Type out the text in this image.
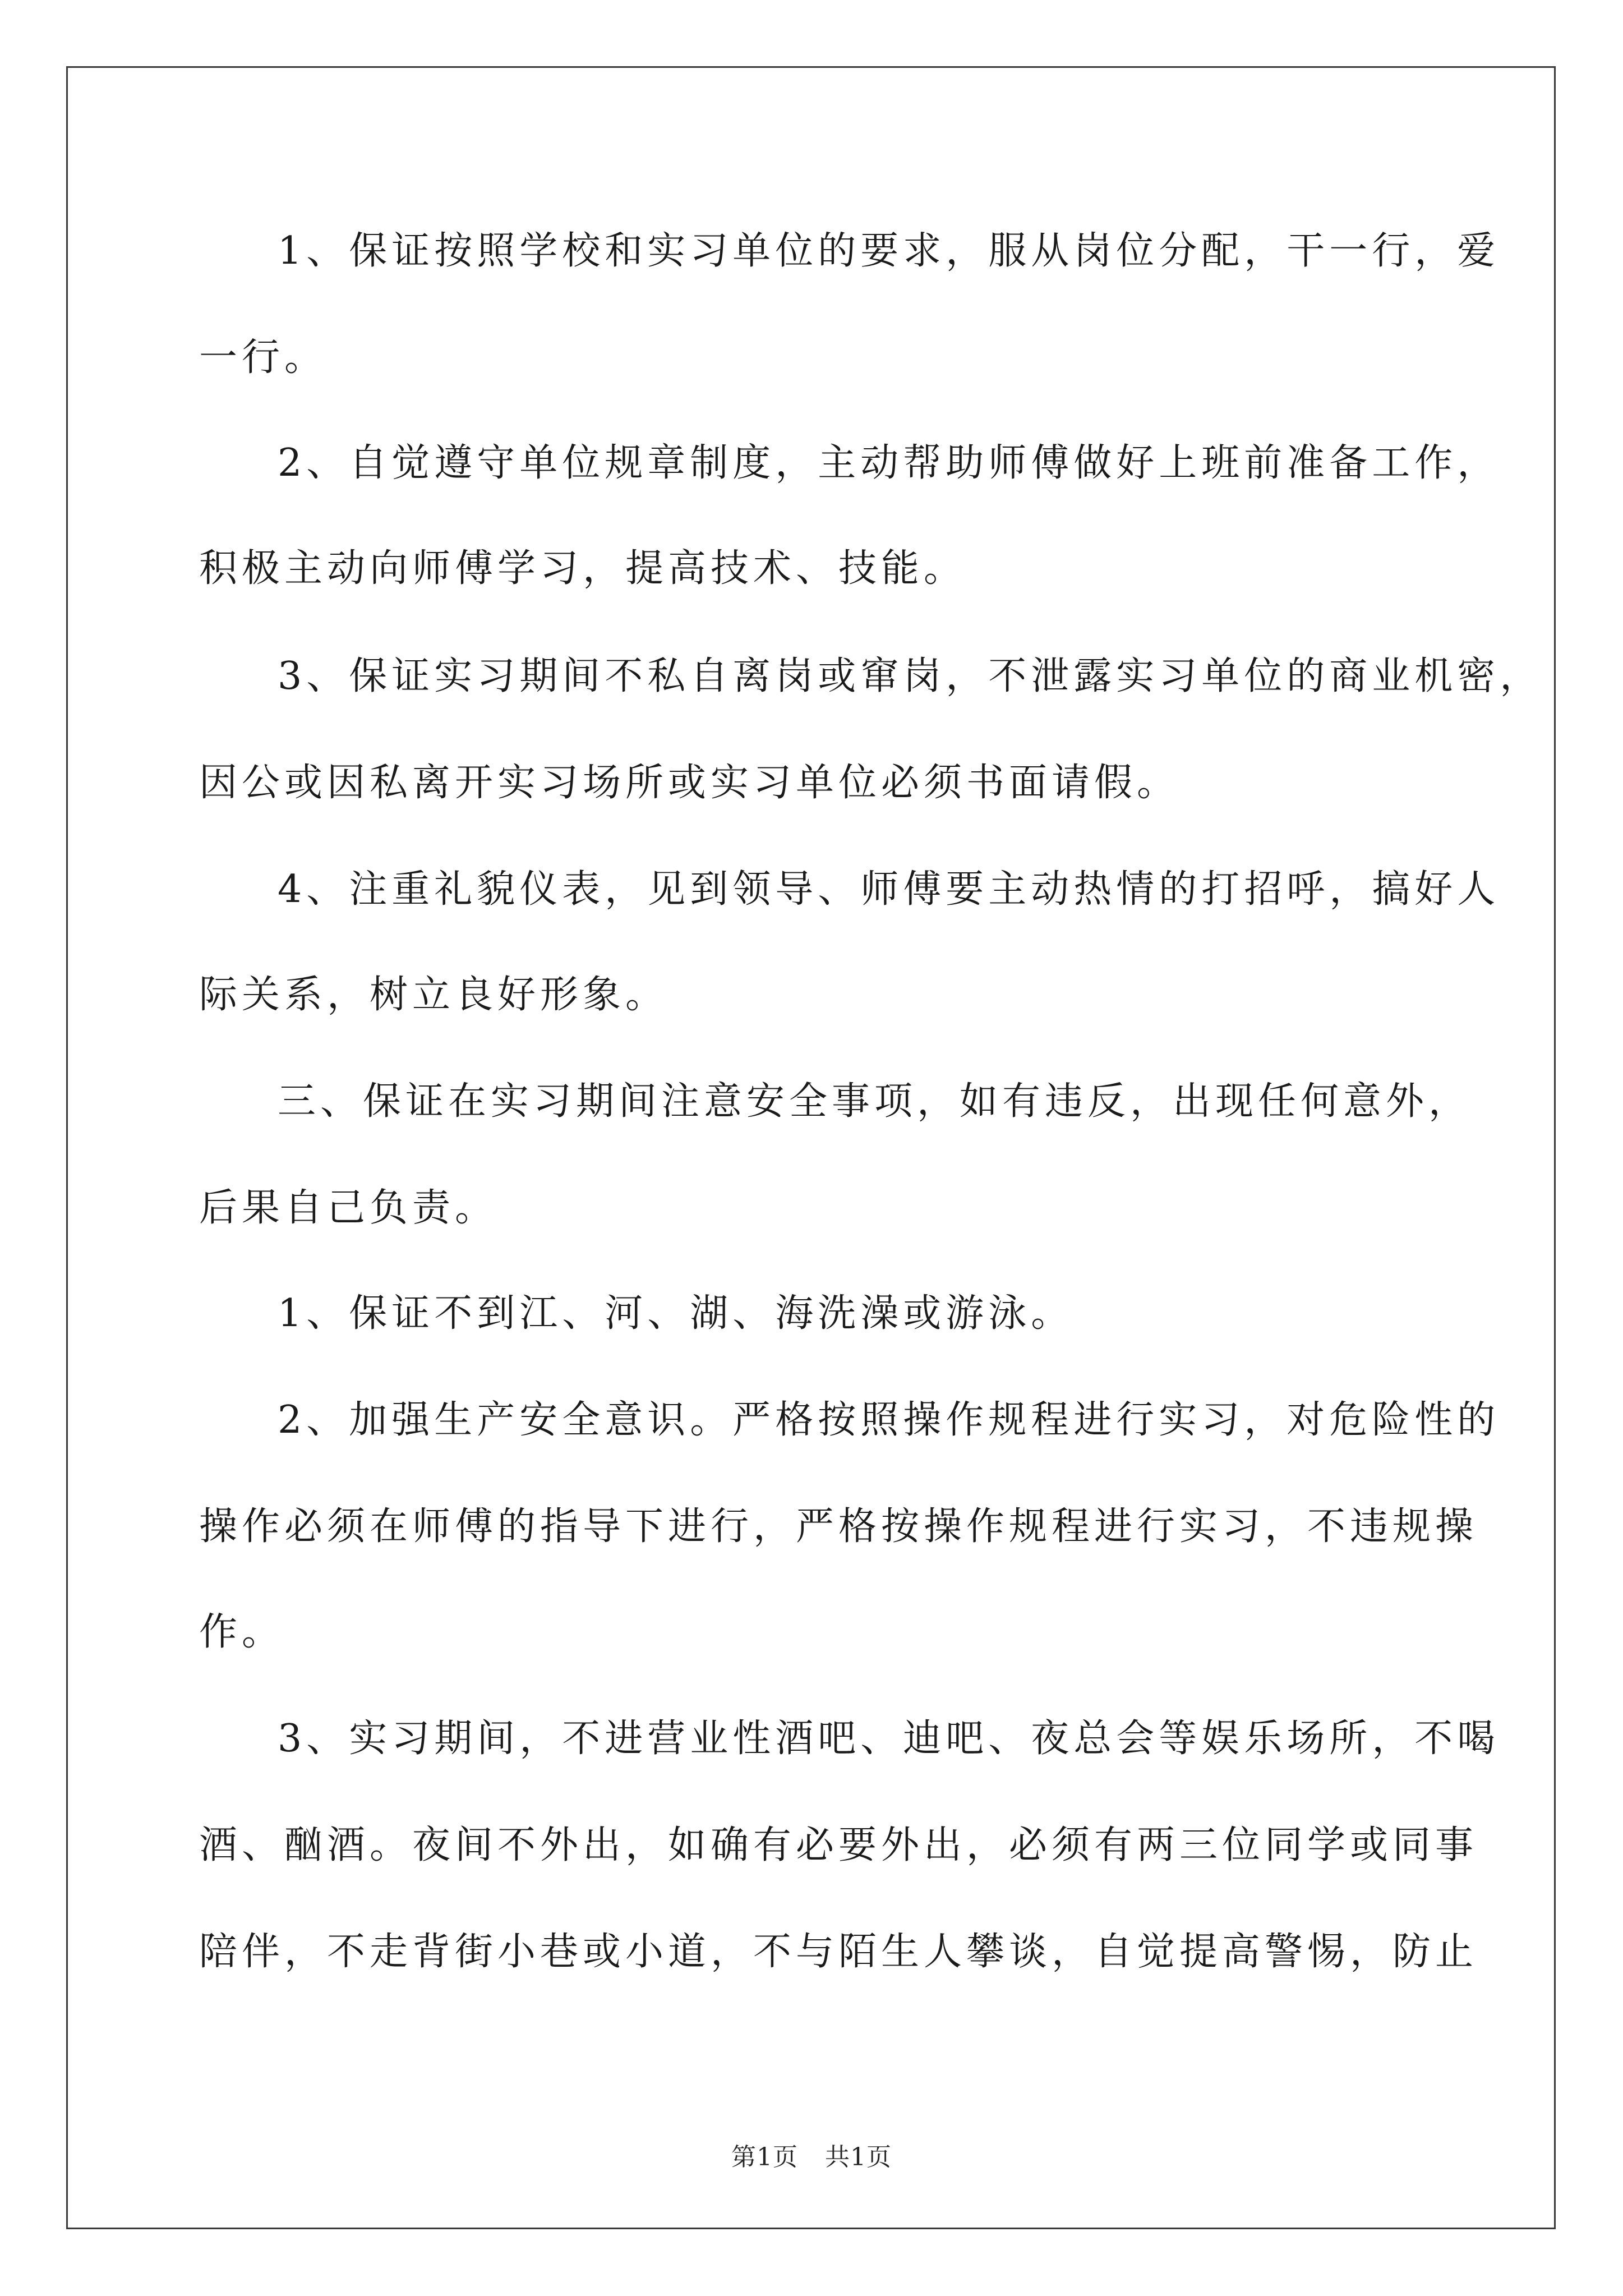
1、保证按照学校和实习单位的要求，服从岗位分配，干一行，爱

一行。

2、自觉遵守单位规章制度，主动帮助师傅做好上班前准备工作，

积极主动向师傅学习，提高技术、技能。

3、保证实习期间不私自离岗或窜岗，不泄露实习单位的商业机密，

因公或因私离开实习场所或实习单位必须书面请假。

4、注重礼貌仪表，见到领导、师傅要主动热情的打招呼，搞好人

际关系，树立良好形象。

三、保证在实习期间注意安全事项，如有违反，出现任何意外，

后果自己负责。

1、保证不到江、河、湖、海洗澡或游泳。

2、加强生产安全意识。严格按照操作规程进行实习，对危险性的

操作必须在师傅的指导下进行，严格按操作规程进行实习，不违规操

作。

3、实习期间，不进营业性酒吧、迪吧、夜总会等娱乐场所，不喝

酒、酗酒。夜间不外出，如确有必要外出，必须有两三位同学或同事

陪伴，不走背街小巷或小道，不与陌生人攀谈，自觉提高警惕，防止

第1页 共1页
